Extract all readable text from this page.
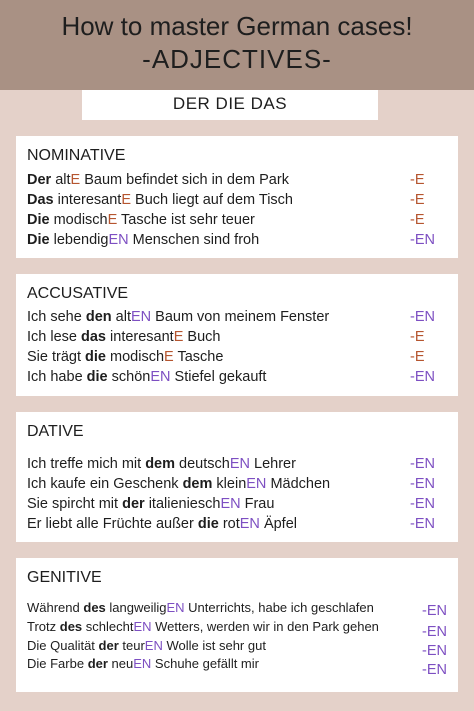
How to master German cases!
-ADJECTIVES-
DER DIE DAS
NOMINATIVE
Der altE Baum befindet sich in dem Park	-E
Das interesantE Buch liegt auf dem Tisch	-E
Die modischE Tasche ist sehr teuer	-E
Die lebendigEN Menschen sind froh	-EN
ACCUSATIVE
Ich sehe den altEN Baum von meinem Fenster	-EN
Ich lese das interesantE Buch	-E
Sie trägt die modischE Tasche	-E
Ich habe die schönEN Stiefel gekauft	-EN
DATIVE
Ich treffe mich mit dem deutschEN Lehrer	-EN
Ich kaufe ein Geschenk dem kleinEN Mädchen	-EN
Sie spircht mit der italienieschEN Frau	-EN
Er liebt alle Früchte außer die rotEN Äpfel	-EN
GENITIVE
Während des langweiligEN Unterrichts, habe ich geschlafen	-EN
Trotz des schlechtEN Wetters, werden wir in den Park gehen	-EN
Die Qualität der teurEN Wolle ist sehr gut	-EN
Die Farbe der neuEN Schuhe gefällt mir	-EN
